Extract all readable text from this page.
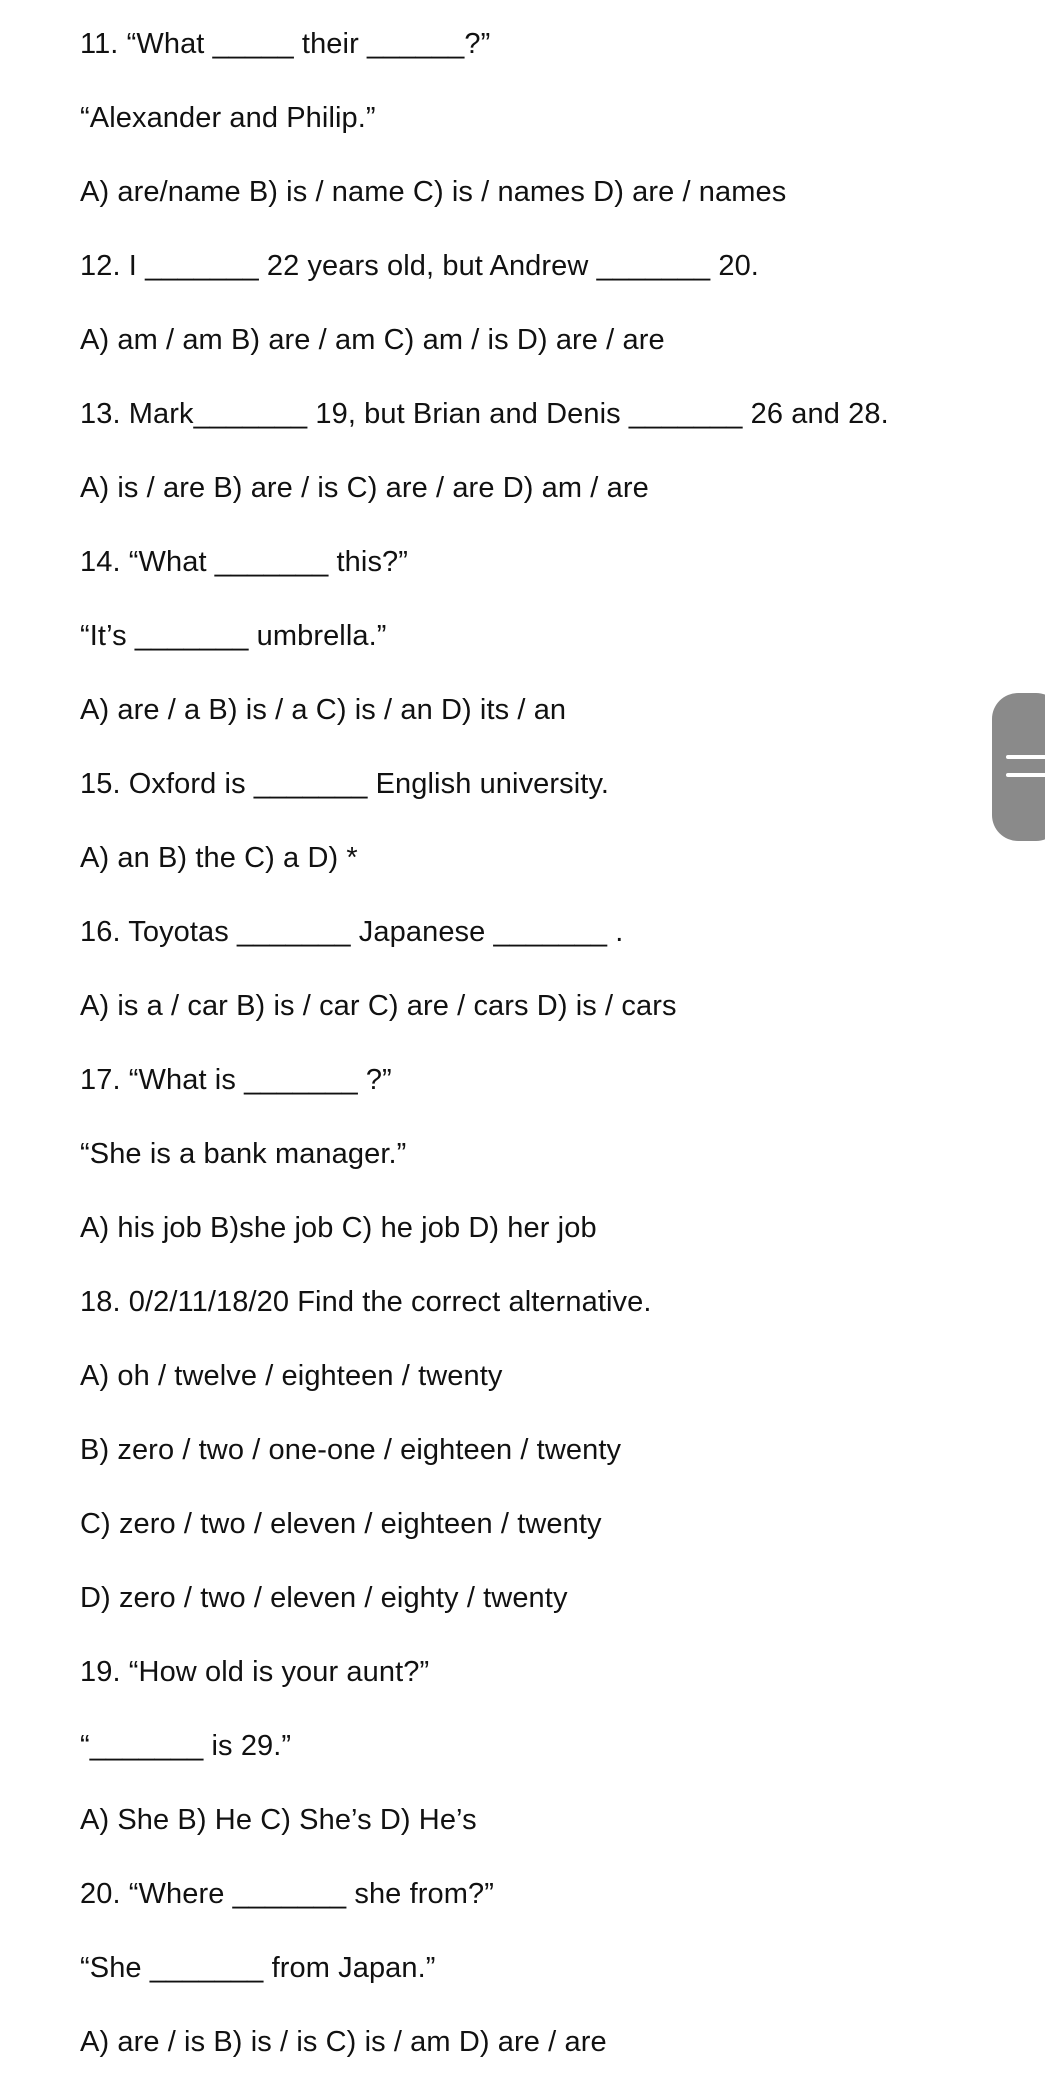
11. “What _____ their ______?”
“Alexander and Philip.”
A) are/name B) is / name C) is / names D) are / names
12. I _______ 22 years old, but Andrew _______ 20.
A) am / am B) are / am C) am / is D) are / are
13. Mark_______ 19, but Brian and Denis _______ 26 and 28.
A) is / are B) are / is C) are / are D) am / are
14. “What _______ this?”
“It’s _______ umbrella.”
A) are / a B) is / a C) is / an D) its / an
15. Oxford is _______ English university.
A) an B) the C) a D) *
16. Toyotas _______ Japanese _______ .
A) is a / car B) is / car C) are / cars D) is / cars
17. “What is _______ ?”
“She is a bank manager.”
A) his job B)she job C) he job D) her job
18. 0/2/11/18/20 Find the correct alternative.
A) oh / twelve / eighteen / twenty
B) zero / two / one-one / eighteen / twenty
C) zero / two / eleven / eighteen / twenty
D) zero / two / eleven / eighty / twenty
19. “How old is your aunt?”
“_______ is 29.”
A) She B) He C) She’s D) He’s
20. “Where _______ she from?”
“She _______ from Japan.”
A) are / is B) is / is C) is / am D) are / are
